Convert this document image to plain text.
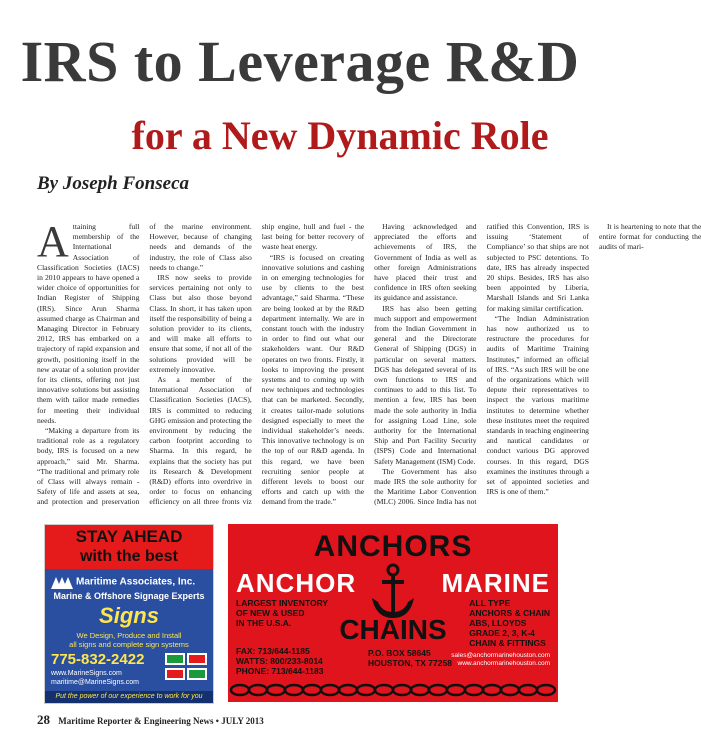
IRS to Leverage R&D
for a New Dynamic Role
By Joseph Fonseca

Attaining full membership of the International Association of Classification Societies (IACS) in 2010 appears to have opened a wider choice of opportunities for Indian Register of Shipping (IRS). Since Arun Sharma assumed charge as Chairman and Managing Director in February 2012, IRS has embarked on a trajectory of rapid expansion and growth, positioning itself in the new avatar of a solution provider for its clients, offering not just innovative solutions but assisting them with tailor made remedies for meeting their individual needs.

“Making a departure from its traditional role as a regulatory body, IRS is focused on a new approach,” said Mr. Sharma. “The traditional and primary role of Class will always remain - Safety of life and assets at sea, and protection and preservation of the marine environment. However, because of changing needs and demands of the industry, the role of Class also needs to change.”

IRS now seeks to provide services pertaining not only to Class but also those beyond Class. In short, it has taken upon itself the responsibility of being a solution provider to its clients, and will make all efforts to ensure that some, if not all of the solutions provided will be extremely innovative.

As a member of the International Association of Classification Societies (IACS), IRS is committed to reducing GHG emission and protecting the environment by reducing the carbon footprint according to Sharma. In this regard, he explains that the society has put its Research & Development (R&D) efforts into overdrive in order to focus on enhancing efficiency on all three fronts viz ship engine, hull and fuel - the last being for better recovery of waste heat energy.

“IRS is focused on creating innovative solutions and cashing in on emerging technologies for use by clients to the best advantage,” said Sharma. “These are being looked at by the R&D department internally. We are in constant touch with the industry in order to find out what our stakeholders want. Our R&D operates on two fronts. Firstly, it looks to improving the present systems and to coming up with new techniques and technologies that can be marketed. Secondly, it creates tailor-made solutions designed especially to meet the individual stakeholder’s needs. This innovative technology is on the top of our R&D agenda. In this regard, we have been recruiting senior people at different levels to boost our efforts and catch up with the demand from the trade.”

Having acknowledged and appreciated the efforts and achievements of IRS, the Government of India as well as other foreign Administrations have placed their trust and confidence in IRS often seeking its guidance and assistance.

IRS has also been getting much support and empowerment from the Indian Government in general and the Directorate General of Shipping (DGS) in particular on several matters. DGS has delegated several of its own functions to IRS and continues to add to this list. To mention a few, IRS has been made the sole authority in India for assigning Load Line, sole authority for the International Ship and Port Facility Security (ISPS) Code and International Safety Management (ISM) Code.

The Government has also made IRS the sole authority for the Maritime Labor Convention (MLC) 2006. Since India has not ratified this Convention, IRS is issuing ‘Statement of Compliance’ so that ships are not subjected to PSC detentions. To date, IRS has already inspected 20 ships. Besides, IRS has also been appointed by Liberia, Marshall Islands and Sri Lanka for making similar certification.

“The Indian Administration has now authorized us to restructure the procedures for audits of Maritime Training Institutes,” informed an official of IRS. “As such IRS will be one of the organizations which will depute their representatives to inspect the various maritime institutes to determine whether these institutes meet the required standards in teaching engineering and nautical candidates or conduct various DG approved courses. In this regard, DGS examines the institutes through a set of appointed societies and IRS is one of them.”

It is heartening to note that the entire format for conducting the audits of mari-

STAY AHEAD
with the best
Maritime Associates, Inc.
Marine & Offshore Signage Experts
Signs
We Design, Produce and Install
all signs and complete sign systems
775-832-2422
www.MarineSigns.com
maritime@MarineSigns.com
Put the power of our experience to work for you
ANCHORS
ANCHOR	MARINE
LARGEST INVENTORY
OF NEW & USED
IN THE U.S.A.
ALL TYPE
ANCHORS & CHAIN
ABS, LLOYDS
GRADE 2, 3, K-4
CHAIN & FITTINGS
CHAINS
FAX: 713/644-1185
WATTS: 800/233-8014
PHONE: 713/644-1183
P.O. BOX 58645
HOUSTON, TX 77258
sales@anchormarinehouston.com
www.anchormarinehouston.com
28 Maritime Reporter & Engineering News • JULY 2013
